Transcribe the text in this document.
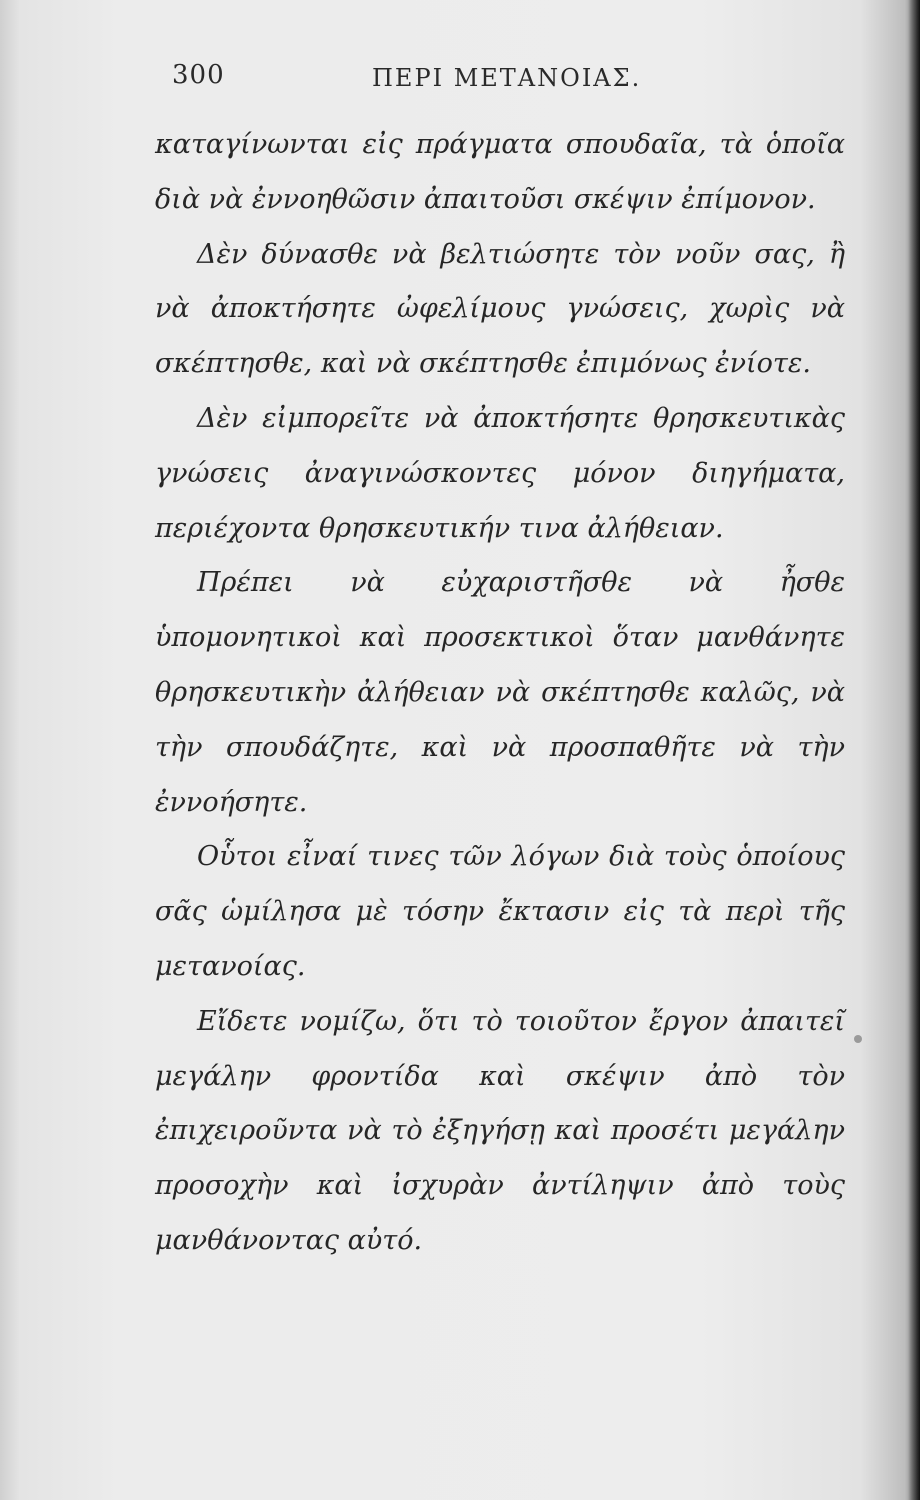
300	ΠΕΡΙ ΜΕΤΑΝΟΙΑΣ.

καταγίνωνται εἰς πράγματα σπουδαῖα, τὰ ὁποῖα διὰ νὰ ἐννοηθῶσιν ἀπαιτοῦσι σκέψιν ἐπίμονον.

Δὲν δύνασθε νὰ βελτιώσητε τὸν νοῦν σας, ἢ νὰ ἀποκτήσητε ὠφελίμους γνώσεις, χωρὶς νὰ σκέπτησθε, καὶ νὰ σκέπτησθε ἐπιμόνως ἐνίοτε.

Δὲν εἰμπορεῖτε νὰ ἀποκτήσητε θρησκευτικὰς γνώσεις ἀναγινώσκοντες μόνον διηγήματα, περιέχοντα θρησκευτικήν τινα ἀλήθειαν.

Πρέπει νὰ εὐχαριστῆσθε νὰ ἦσθε ὑπομονητικοὶ καὶ προσεκτικοὶ ὅταν μανθάνητε θρησκευτικὴν ἀλήθειαν νὰ σκέπτησθε καλῶς, νὰ τὴν σπουδάζητε, καὶ νὰ προσπαθῆτε νὰ τὴν ἐννοήσητε.

Οὗτοι εἶναί τινες τῶν λόγων διὰ τοὺς ὁποίους σᾶς ὡμίλησα μὲ τόσην ἔκτασιν εἰς τὰ περὶ τῆς μετανοίας.

Εἴδετε νομίζω, ὅτι τὸ τοιοῦτον ἔργον ἀπαιτεῖ μεγάλην φροντίδα καὶ σκέψιν ἀπὸ τὸν ἐπιχειροῦντα νὰ τὸ ἐξηγήσῃ καὶ προσέτι μεγάλην προσοχὴν καὶ ἰσχυρὰν ἀντίληψιν ἀπὸ τοὺς μανθάνοντας αὐτό.
